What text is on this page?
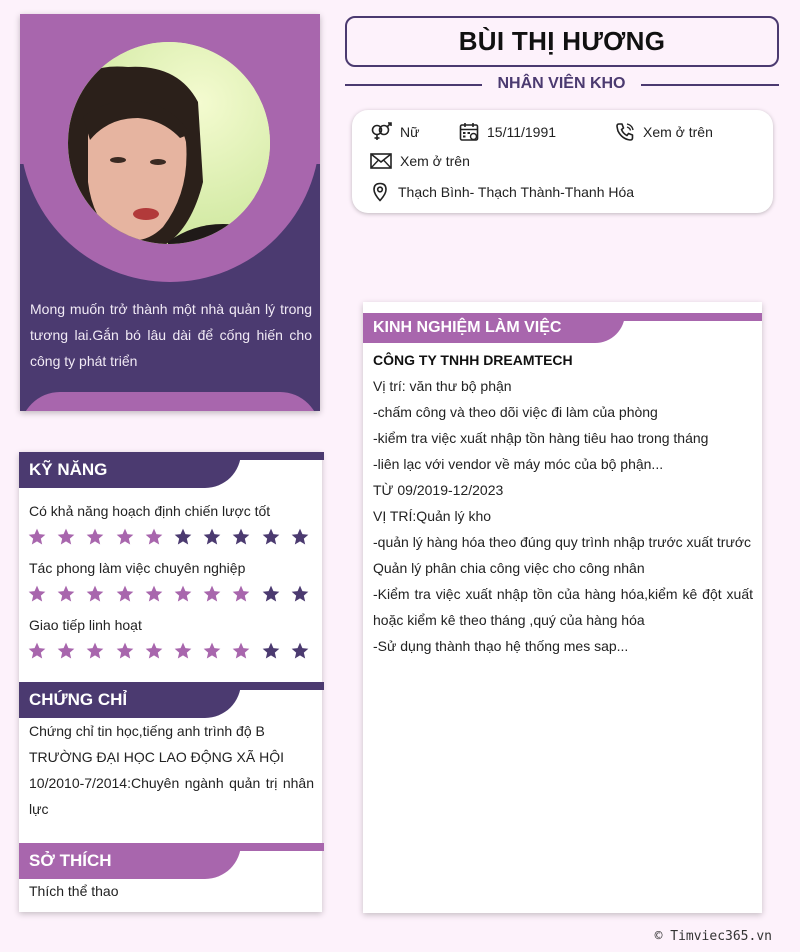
Mong muốn trở thành một nhà quản lý trong tương lai.Gắn bó lâu dài để cống hiến cho công ty phát triển
BÙI THỊ HƯƠNG
NHÂN VIÊN KHO
Nữ	15/11/1991	Xem ở trên
Xem ở trên
Thạch Bình- Thạch Thành-Thanh Hóa
KỸ NĂNG
Có khả năng hoạch định chiến lược tốt
Tác phong làm việc chuyên nghiệp
Giao tiếp linh hoạt
CHỨNG CHỈ
Chứng chỉ tin học,tiếng anh trình độ B
TRƯỜNG ĐẠI HỌC LAO ĐỘNG XÃ HỘI
10/2010-7/2014:Chuyên ngành quản trị nhân lực
SỞ THÍCH
Thích thể thao
KINH NGHIỆM LÀM VIỆC
CÔNG TY TNHH DREAMTECH
Vị trí: văn thư bộ phận
-chấm công và theo dõi việc đi làm của phòng
-kiểm tra việc xuất nhập tồn hàng tiêu hao trong tháng
-liên lạc với vendor về máy móc của bộ phận...
TỪ 09/2019-12/2023
VỊ TRÍ:Quản lý kho
-quản lý hàng hóa theo đúng quy trình nhập trước xuất trước
Quản lý phân chia công việc cho công nhân
-Kiểm tra việc xuất nhập tồn của hàng hóa,kiểm kê đột xuất hoặc kiểm kê theo tháng ,quý của hàng hóa
-Sử dụng thành thạo hệ thống mes sap...
© Timviec365.vn
